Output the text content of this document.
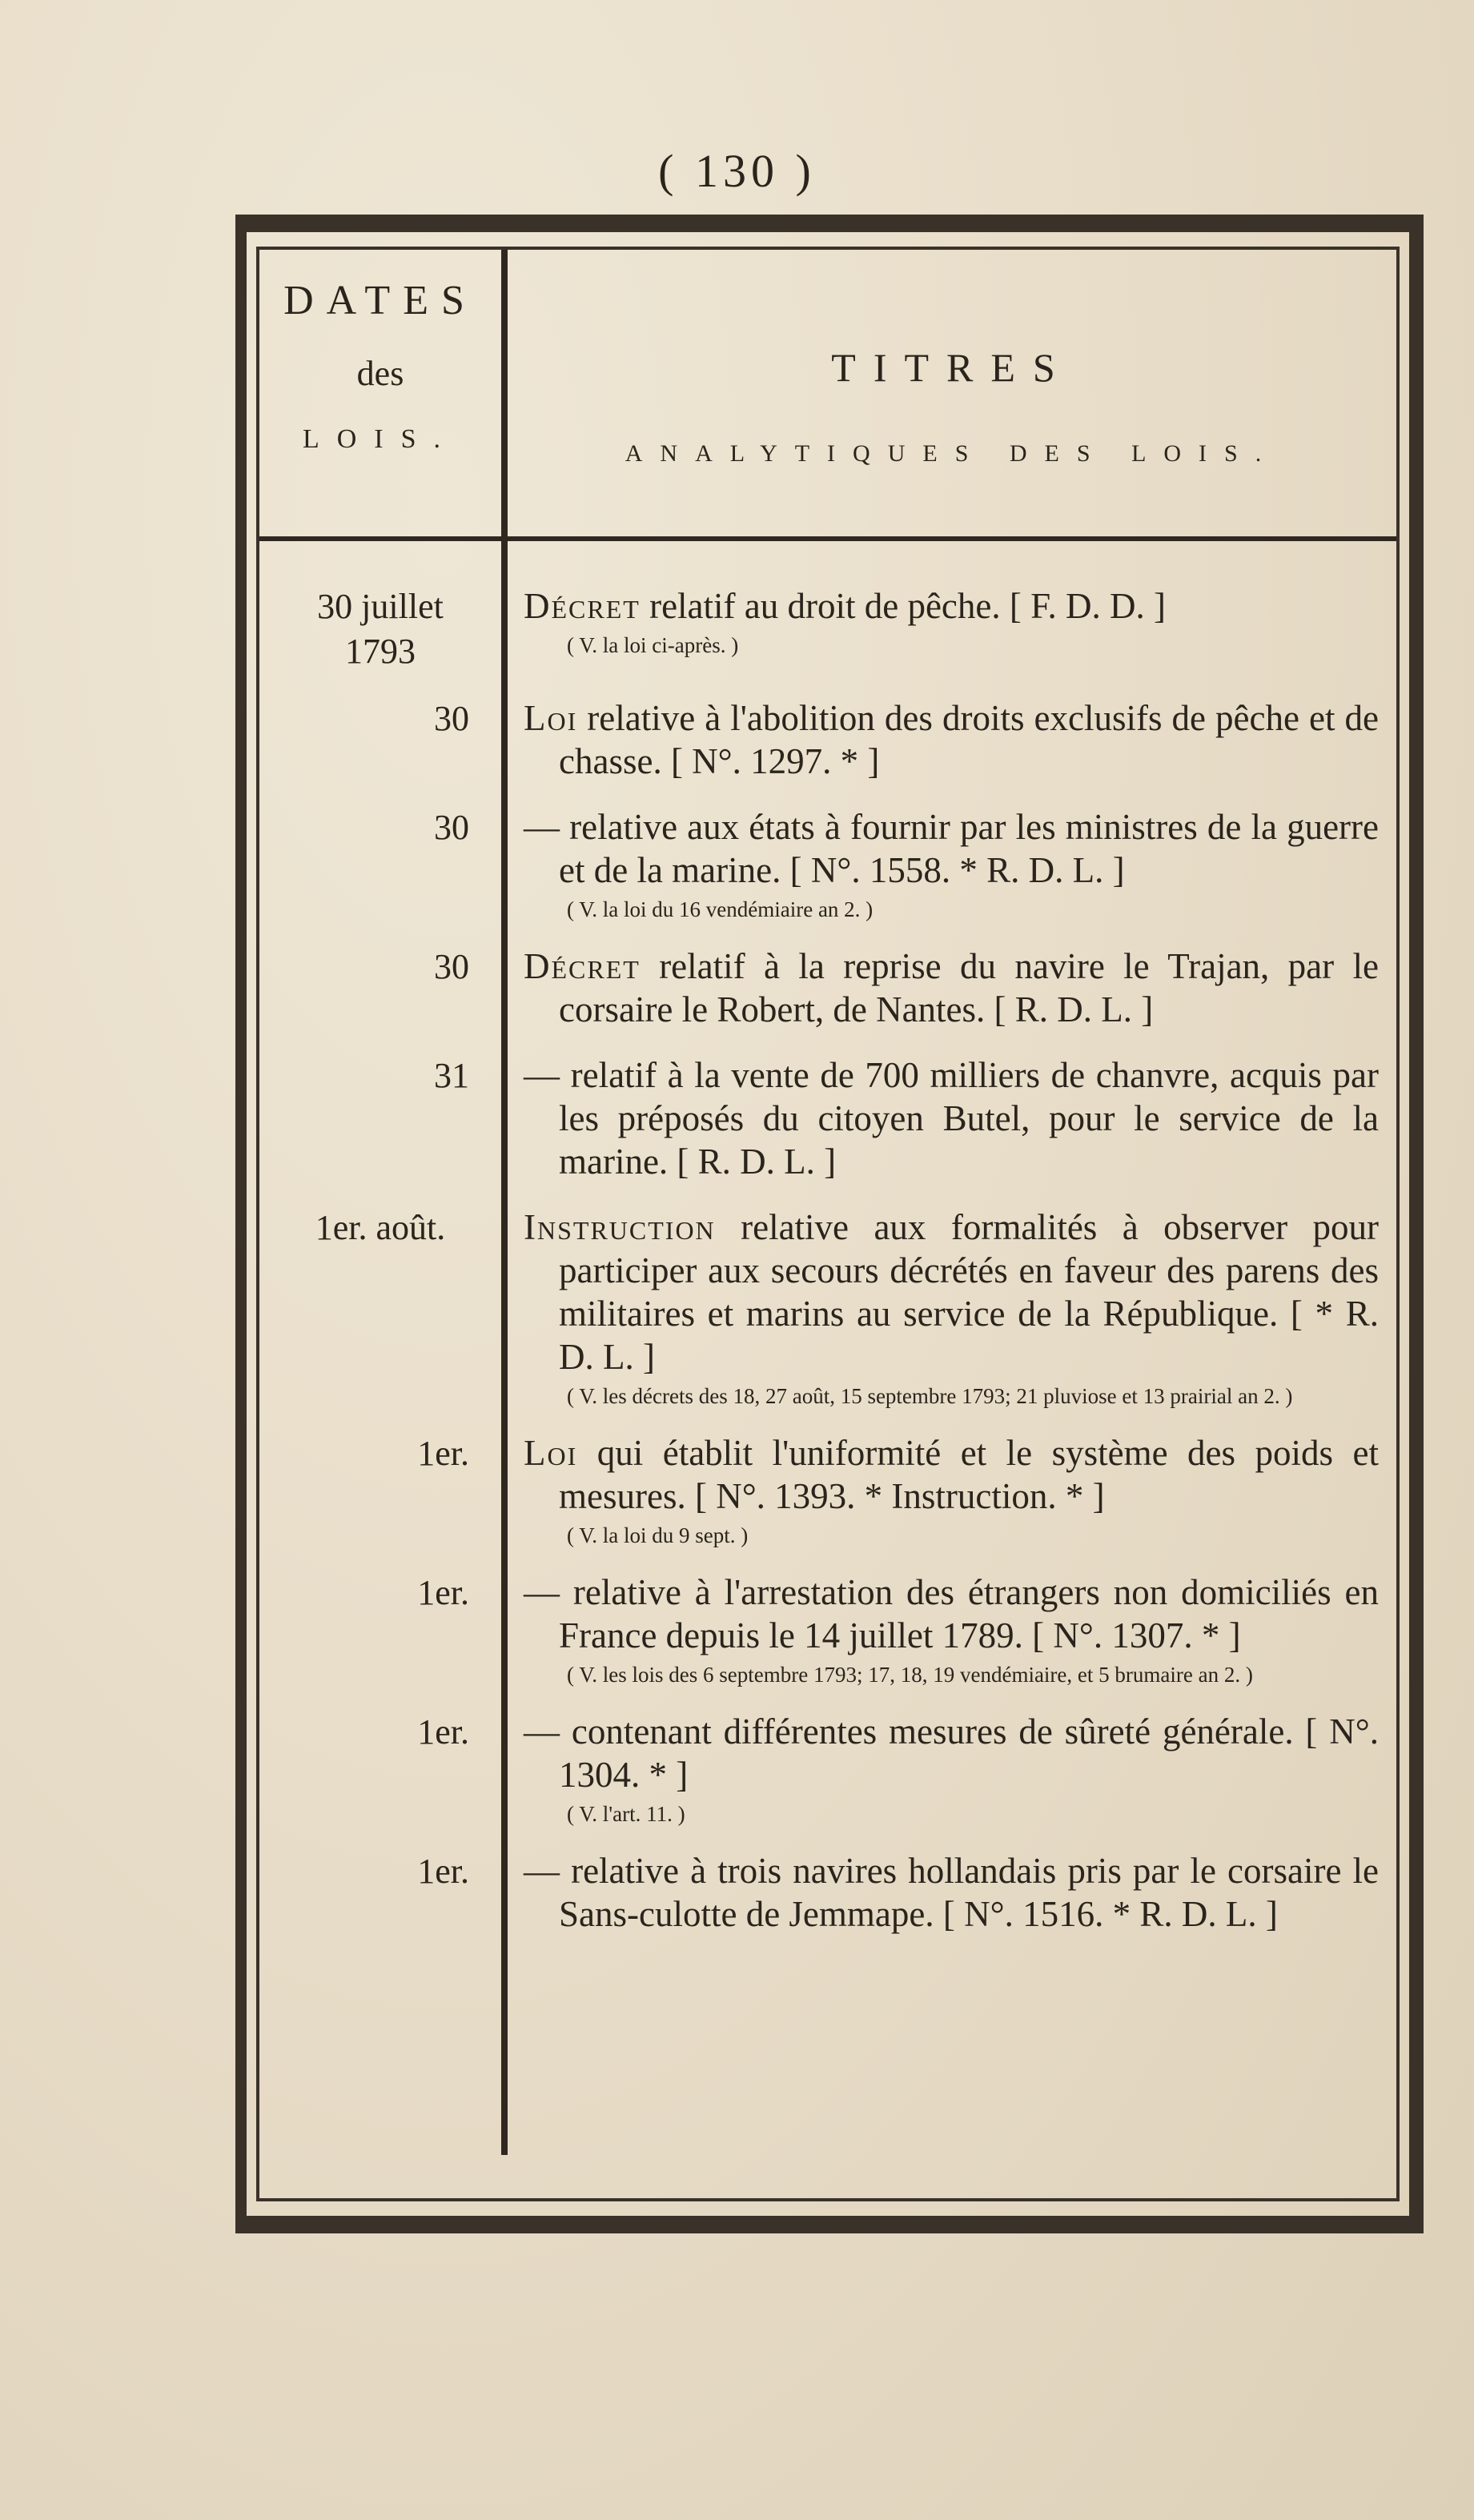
( 130 )
DATES
des
LOIS.
TITRES
ANALYTIQUES DES LOIS.
30 juillet
1793
Décret relatif au droit de pêche. [ F. D. D. ]
( V. la loi ci-après. )
30 Loi relative à l'abolition des droits exclusifs de pêche et de chasse. [ N°. 1297. * ]
30 — relative aux états à fournir par les ministres de la guerre et de la marine. [ N°. 1558. * R. D. L. ]
( V. la loi du 16 vendémiaire an 2. )
30 Décret relatif à la reprise du navire le Trajan, par le corsaire le Robert, de Nantes. [ R. D. L. ]
31 — relatif à la vente de 700 milliers de chanvre, acquis par les préposés du citoyen Butel, pour le service de la marine. [ R. D. L. ]
1er. août.	Instruction relative aux formalités à observer pour participer aux secours décrétés en faveur des parens des militaires et marins au service de la République. [ * R. D. L. ]
( V. les décrets des 18, 27 août, 15 septembre 1793; 21 pluviose et 13 prairial an 2. )
1er. Loi qui établit l'uniformité et le système des poids et mesures. [ N°. 1393. * Instruction. * ]
( V. la loi du 9 sept. )
1er. — relative à l'arrestation des étrangers non domiciliés en France depuis le 14 juillet 1789. [ N°. 1307. * ]
( V. les lois des 6 septembre 1793; 17, 18, 19 vendémiaire, et 5 brumaire an 2. )
1er. — contenant différentes mesures de sûreté générale. [ N°. 1304. * ]
( V. l'art. 11. )
1er. — relative à trois navires hollandais pris par le corsaire le Sans-culotte de Jemmape. [ N°. 1516. * R. D. L. ]
